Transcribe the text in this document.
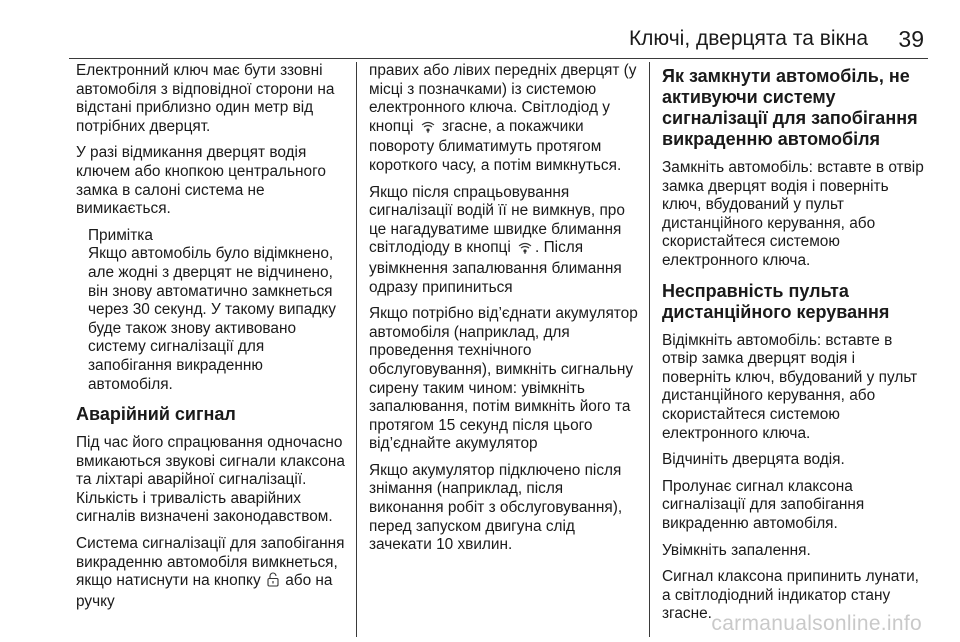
Ключі, дверцята та вікна 39

Електронний ключ має бути ззовні автомобіля з відповідної сторони на відстані приблизно один метр від потрібних дверцят.

У разі відмикання дверцят водія ключем або кнопкою центрального замка в салоні система не вимикається.

Примітка

Якщо автомобіль було відімкнено, але жодні з дверцят не відчинено, він знову автоматично замкнеться через 30 секунд. У такому випадку буде також знову активовано систему сигналізації для запобігання викраденню автомобіля.

Аварійний сигнал

Під час його спрацювання одночасно вмикаються звукові сигнали клаксона та ліхтарі аварійної сигналізації. Кількість і тривалість аварійних сигналів визначені законодавством.

Система сигналізації для запобігання викраденню автомобіля вимкнеться, якщо натиснути на кнопку або на ручку

правих або лівих передніх дверцят (у місці з позначками) із системою електронного ключа. Світлодіод у кнопці згасне, а покажчики повороту блиматимуть протягом короткого часу, а потім вимкнуться.

Якщо після спрацьовування сигналізації водій її не вимкнув, про це нагадуватиме швидке блимання світлодіоду в кнопці . Після увімкнення запалювання блимання одразу припиниться

Якщо потрібно від’єднати акумулятор автомобіля (наприклад, для проведення технічного обслуговування), вимкніть сигнальну сирену таким чином: увімкніть запалювання, потім вимкніть його та протягом 15 секунд після цього від’єднайте акумулятор

Якщо акумулятор підключено після знімання (наприклад, після виконання робіт з обслуговування), перед запуском двигуна слід зачекати 10 хвилин.

Як замкнути автомобіль, не активуючи систему сигналізації для запобігання викраденню автомобіля

Замкніть автомобіль: вставте в отвір замка дверцят водія і поверніть ключ, вбудований у пульт дистанційного керування, або скористайтеся системою електронного ключа.

Несправність пульта дистанційного керування

Відімкніть автомобіль: вставте в отвір замка дверцят водія і поверніть ключ, вбудований у пульт дистанційного керування, або скористайтеся системою електронного ключа.

Відчиніть дверцята водія.

Пролунає сигнал клаксона сигналізації для запобігання викраденню автомобіля.

Увімкніть запалення.

Сигнал клаксона припинить лунати, а світлодіодний індикатор стану згасне. carmanualsonline.info
